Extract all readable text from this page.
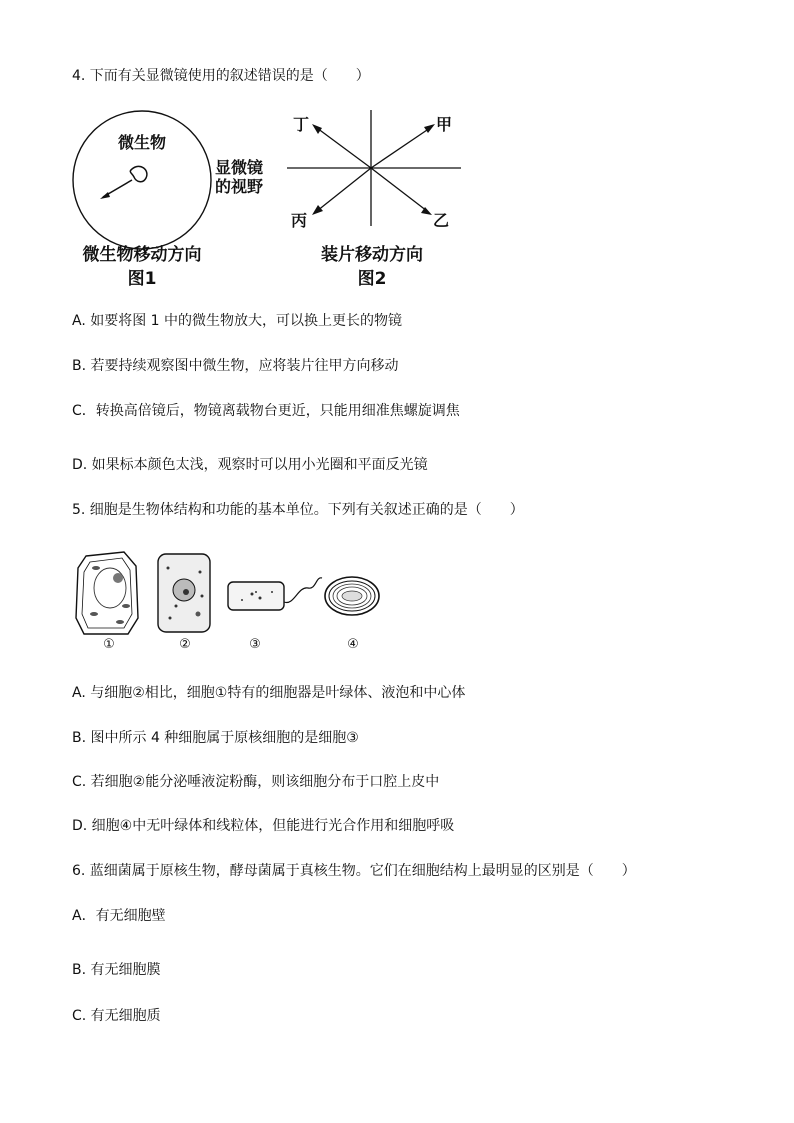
4. 下而有关显微镜使用的叙述错误的是（　　）
微生物
显微镜
的视野
微生物移动方向
图1
丁	甲
丙	乙
装片移动方向
图2
A. 如要将图 1 中的微生物放大，可以换上更长的物镜
B. 若要持续观察图中微生物，应将装片往甲方向移动
C．转换高倍镜后，物镜离载物台更近，只能用细准焦螺旋调焦
D. 如果标本颜色太浅，观察时可以用小光圈和平面反光镜
5. 细胞是生物体结构和功能的基本单位。下列有关叙述正确的是（　　）
①	②	③	④
A. 与细胞②相比，细胞①特有的细胞器是叶绿体、液泡和中心体
B. 图中所示 4 种细胞属于原核细胞的是细胞③
C. 若细胞②能分泌唾液淀粉酶，则该细胞分布于口腔上皮中
D. 细胞④中无叶绿体和线粒体，但能进行光合作用和细胞呼吸
6. 蓝细菌属于原核生物，酵母菌属于真核生物。它们在细胞结构上最明显的区别是（　　）
A．有无细胞壁
B. 有无细胞膜
C. 有无细胞质
